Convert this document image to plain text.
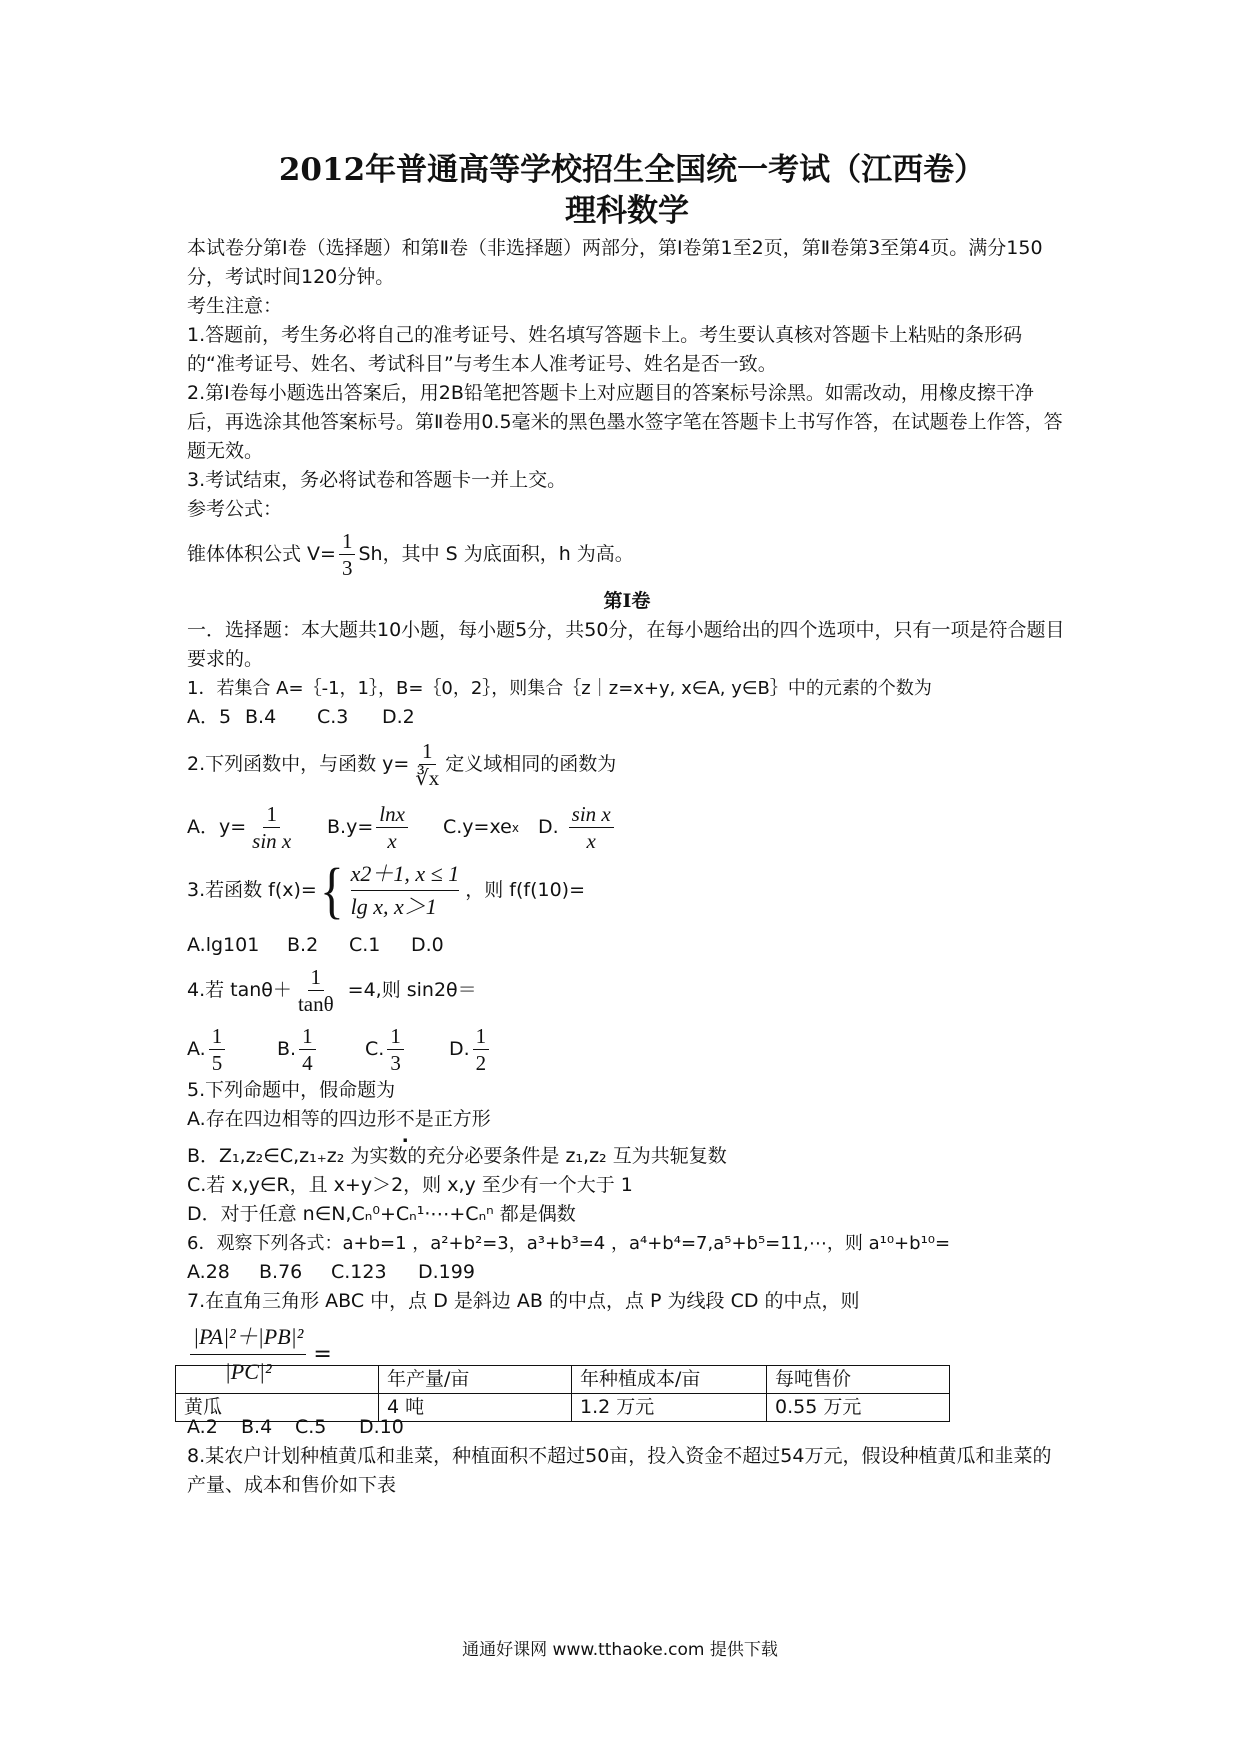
2012年普通高等学校招生全国统一考试（江西卷）
理科数学

本试卷分第Ⅰ卷（选择题）和第Ⅱ卷（非选择题）两部分，第Ⅰ卷第1至2页，第Ⅱ卷第3至第4页。满分150分，考试时间120分钟。

考生注意：

1.答题前，考生务必将自己的准考证号、姓名填写答题卡上。考生要认真核对答题卡上粘贴的条形码的“准考证号、姓名、考试科目”与考生本人准考证号、姓名是否一致。

2.第Ⅰ卷每小题选出答案后，用2B铅笔把答题卡上对应题目的答案标号涂黑。如需改动，用橡皮擦干净后，再选涂其他答案标号。第Ⅱ卷用0.5毫米的黑色墨水签字笔在答题卡上书写作答，在试题卷上作答，答题无效。

3.考试结束，务必将试卷和答题卡一并上交。

参考公式：

锥体体积公式 $V= \frac{1}{3}$ Sh，其中 S 为底面积，h 为高。

第Ⅰ卷

一．选择题：本大题共10小题，每小题5分，共50分，在每小题给出的四个选项中，只有一项是符合题目要求的。

1．若集合 A=｛-1，1｝，B=｛0，2｝，则集合｛z｜z=x+y, x∈A, y∈B｝中的元素的个数为

A．5 B.4 C.3 D.2

2.下列函数中，与函数 $y= \frac{1}{∛x}$ 定义域相同的函数为

A．$y= \frac{1}{\text{sin x}} B.y= \frac{\ln x}{x} C.y=xe$ x D. $\frac{\text{sin x}}{x}$

3.若函数 f(x)= { x2＋1, x ≤ 1
lg x, x＞1
，则 f(f(10)=

A.lg101 B.2 C.1 D.0

4.若 $\tan\theta+ \frac{1}{\tan\theta} =4$,则 sin2θ＝

A. $\frac{1}{5}$	B. $\frac{1}{4}$	C. $\frac{1}{3} D$. $\frac{1}{2}$

5.下列命题中，假命题为

A.存在四边相等的四边形不是正方形

B．Z₁,z₂∈C,z₁₊z₂ 为实数的充分必要条件是 z₁,z₂ 互为共轭复数

C.若 x,y∈R，且 x+y＞2，则 x,y 至少有一个大于 1

D．对于任意 n∈N,Cₙ⁰+Cₙ¹·⋯+Cₙⁿ 都是偶数

6．观察下列各式：a+b=1 ，a²+b²=3，a³+b³=4 ，a⁴+b⁴=7,a⁵+b⁵=11,⋯，则 a¹⁰+b¹⁰=

A.28 B.76 C.123 D.199

7.在直角三角形 ABC 中，点 D 是斜边 AB 的中点，点 P 为线段 CD 的中点，则

$\frac{\text{|PA|²＋|PB|²}}{\text{|PC|²}}$ =

A.2 B.4 C.5 D.10

8.某农户计划种植黄瓜和韭菜，种植面积不超过50亩，投入资金不超过54万元，假设种植黄瓜和韭菜的产量、成本和售价如下表

	年产量/亩	年种植成本/亩	每吨售价
黄瓜	4 吨	1.2 万元	0.55 万元
通通好课网 www.tthaoke.com 提供下载
